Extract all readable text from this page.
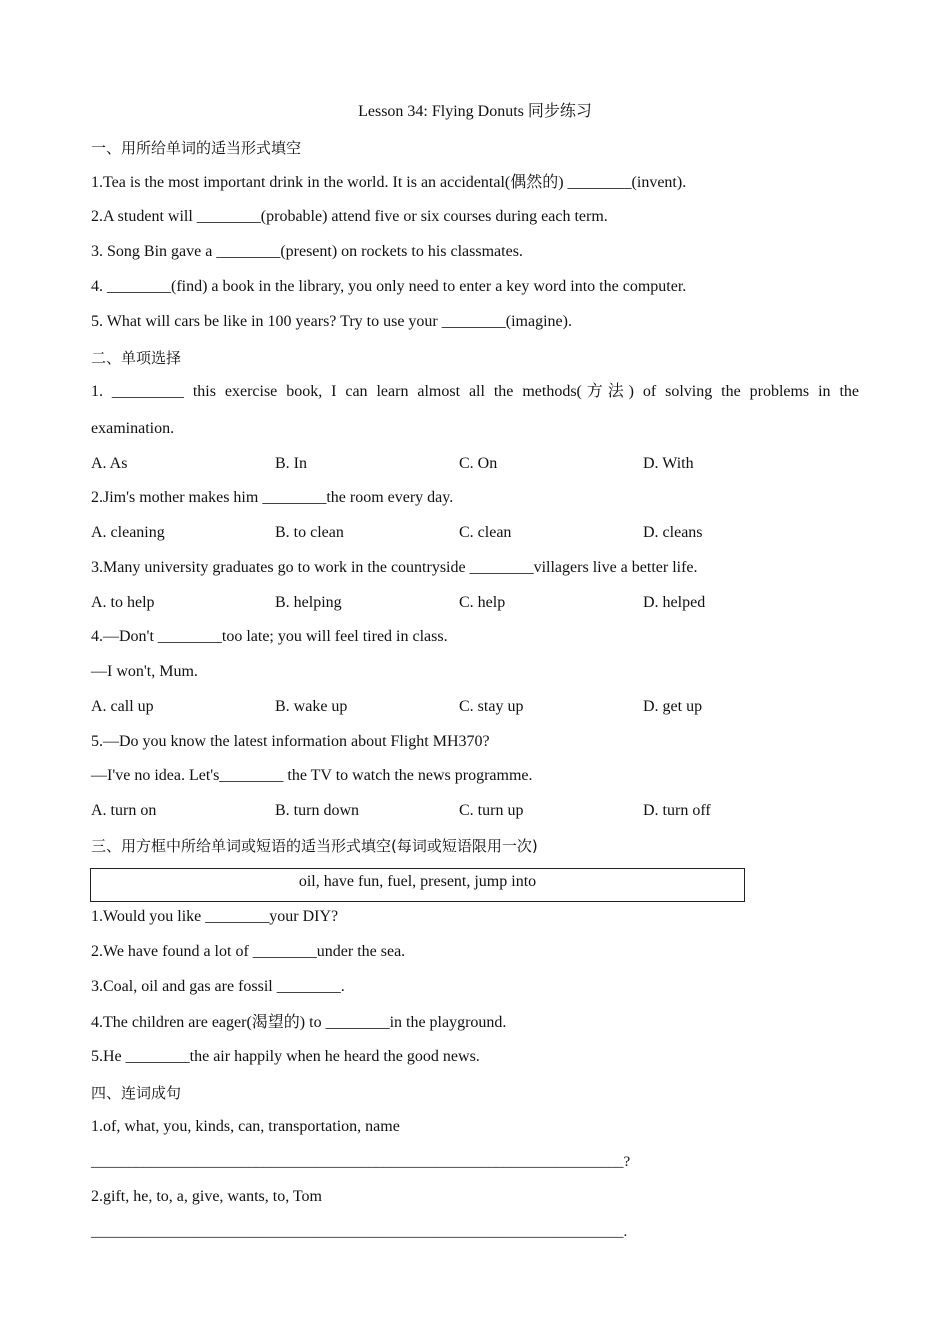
Lesson 34: Flying Donuts 同步练习
一、用所给单词的适当形式填空
1.Tea is the most important drink in the world. It is an accidental(偶然的) ________(invent).
2.A student will ________(probable) attend five or six courses during each term.
3. Song Bin gave a ________(present) on rockets to his classmates.
4. ________(find) a book in the library, you only need to enter a key word into the computer.
5. What will cars be like in 100 years? Try to use your ________(imagine).
二、单项选择
1. _________ this exercise book, I can learn almost all the methods(方法) of solving the problems in the
examination.
A. As	B. In	C. On	D. With
2.Jim's mother makes him ________the room every day.
A. cleaning	B. to clean	C. clean	D. cleans
3.Many university graduates go to work in the countryside ________villagers live a better life.
A. to help	B. helping	C. help	D. helped
4.—Don't ________too late; you will feel tired in class.
—I won't, Mum.
A. call up	B. wake up	C. stay up	D. get up
5.—Do you know the latest information about Flight MH370?
—I've no idea. Let's________ the TV to watch the news programme.
A. turn on	B. turn down	C. turn up	D. turn off
三、用方框中所给单词或短语的适当形式填空(每词或短语限用一次)
oil, have fun, fuel, present, jump into
1.Would you like ________your DIY?
2.We have found a lot of ________under the sea.
3.Coal, oil and gas are fossil ________.
4.The children are eager(渴望的) to ________in the playground.
5.He ________the air happily when he heard the good news.
四、连词成句
1.of, what, you, kinds, can, transportation, name
_______________________________________________________________________?
2.gift, he, to, a, give, wants, to, Tom
_______________________________________________________________________.
